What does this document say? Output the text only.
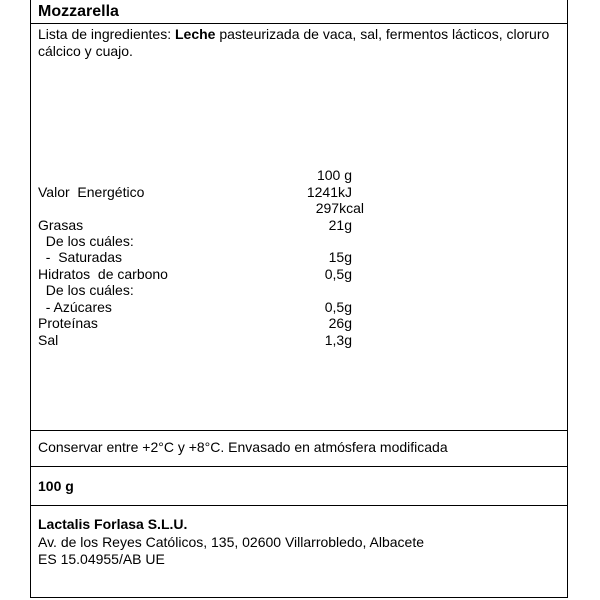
Mozzarella

Lista de ingredientes: Leche pasteurizada de vaca, sal, fermentos lácticos, cloruro cálcico y cuajo.

100 g
Valor  Energético	1241kJ
297kcal
Grasas	21g
De los cuáles:
-  Saturadas	15g
Hidratos  de carbono	0,5g
De los cuáles:
- Azúcares	0,5g
Proteínas	26g
Sal	1,3g
Conservar entre +2°C y +8°C. Envasado en atmósfera modificada
100 g
Lactalis Forlasa S.L.U.
Av. de los Reyes Católicos, 135, 02600 Villarrobledo, Albacete
ES 15.04955/AB UE
